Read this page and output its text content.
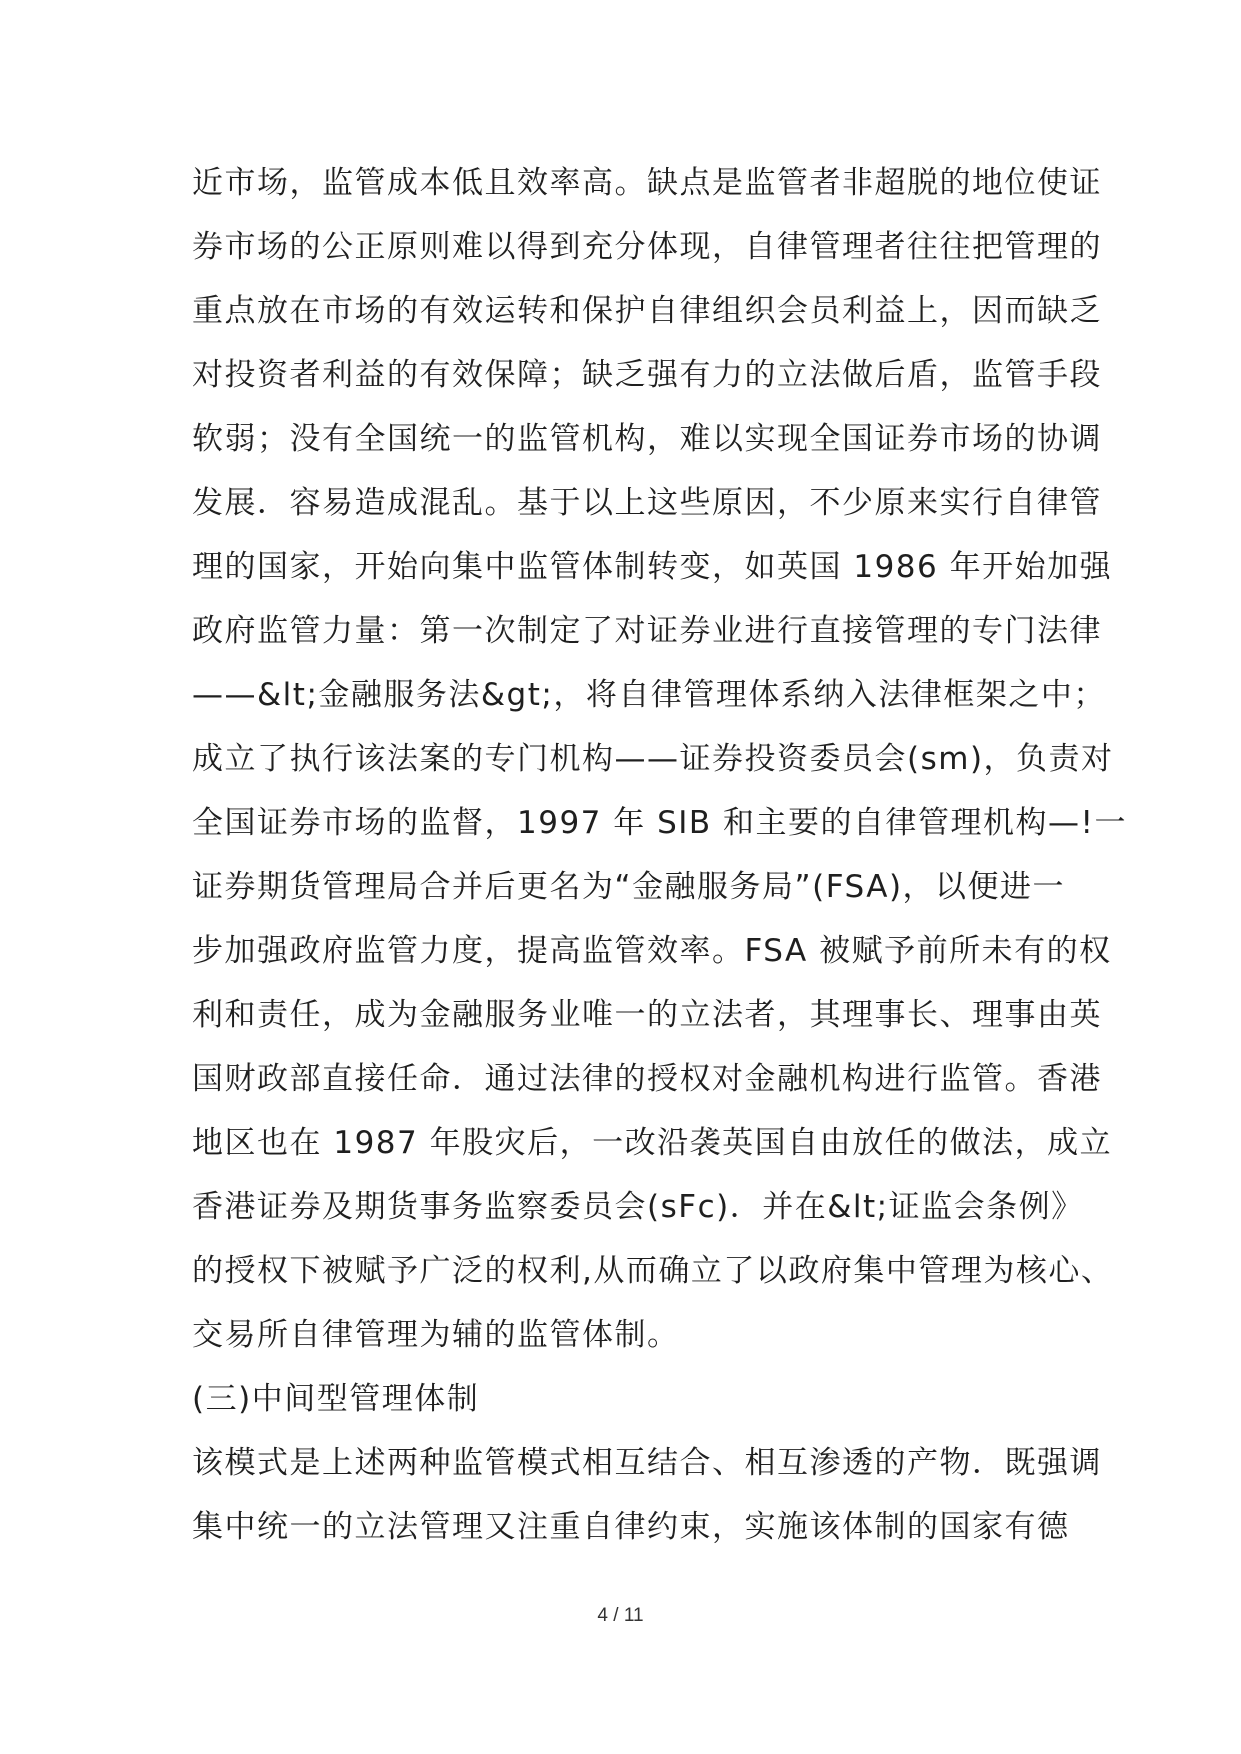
近市场，监管成本低且效率高。缺点是监管者非超脱的地位使证
券市场的公正原则难以得到充分体现，自律管理者往往把管理的
重点放在市场的有效运转和保护自律组织会员利益上，因而缺乏
对投资者利益的有效保障；缺乏强有力的立法做后盾，监管手段
软弱；没有全国统一的监管机构，难以实现全国证券市场的协调
发展．容易造成混乱。基于以上这些原因，不少原来实行自律管
理的国家，开始向集中监管体制转变，如英国 1986 年开始加强
政府监管力量：第一次制定了对证券业进行直接管理的专门法律
——&lt;金融服务法&gt;，将自律管理体系纳入法律框架之中；
成立了执行该法案的专门机构——证券投资委员会(sm)，负责对
全国证券市场的监督，1997 年 SIB 和主要的自律管理机构—!一
证券期货管理局合并后更名为“金融服务局”(FSA)，以便进一
步加强政府监管力度，提高监管效率。FSA 被赋予前所未有的权
利和责任，成为金融服务业唯一的立法者，其理事长、理事由英
国财政部直接任命．通过法律的授权对金融机构进行监管。香港
地区也在 1987 年股灾后，一改沿袭英国自由放任的做法，成立
香港证券及期货事务监察委员会(sFc)．并在&lt;证监会条例》
的授权下被赋予广泛的权利,从而确立了以政府集中管理为核心、
交易所自律管理为辅的监管体制。
(三)中间型管理体制
该模式是上述两种监管模式相互结合、相互渗透的产物．既强调
集中统一的立法管理又注重自律约束，实施该体制的国家有德
4 / 11
